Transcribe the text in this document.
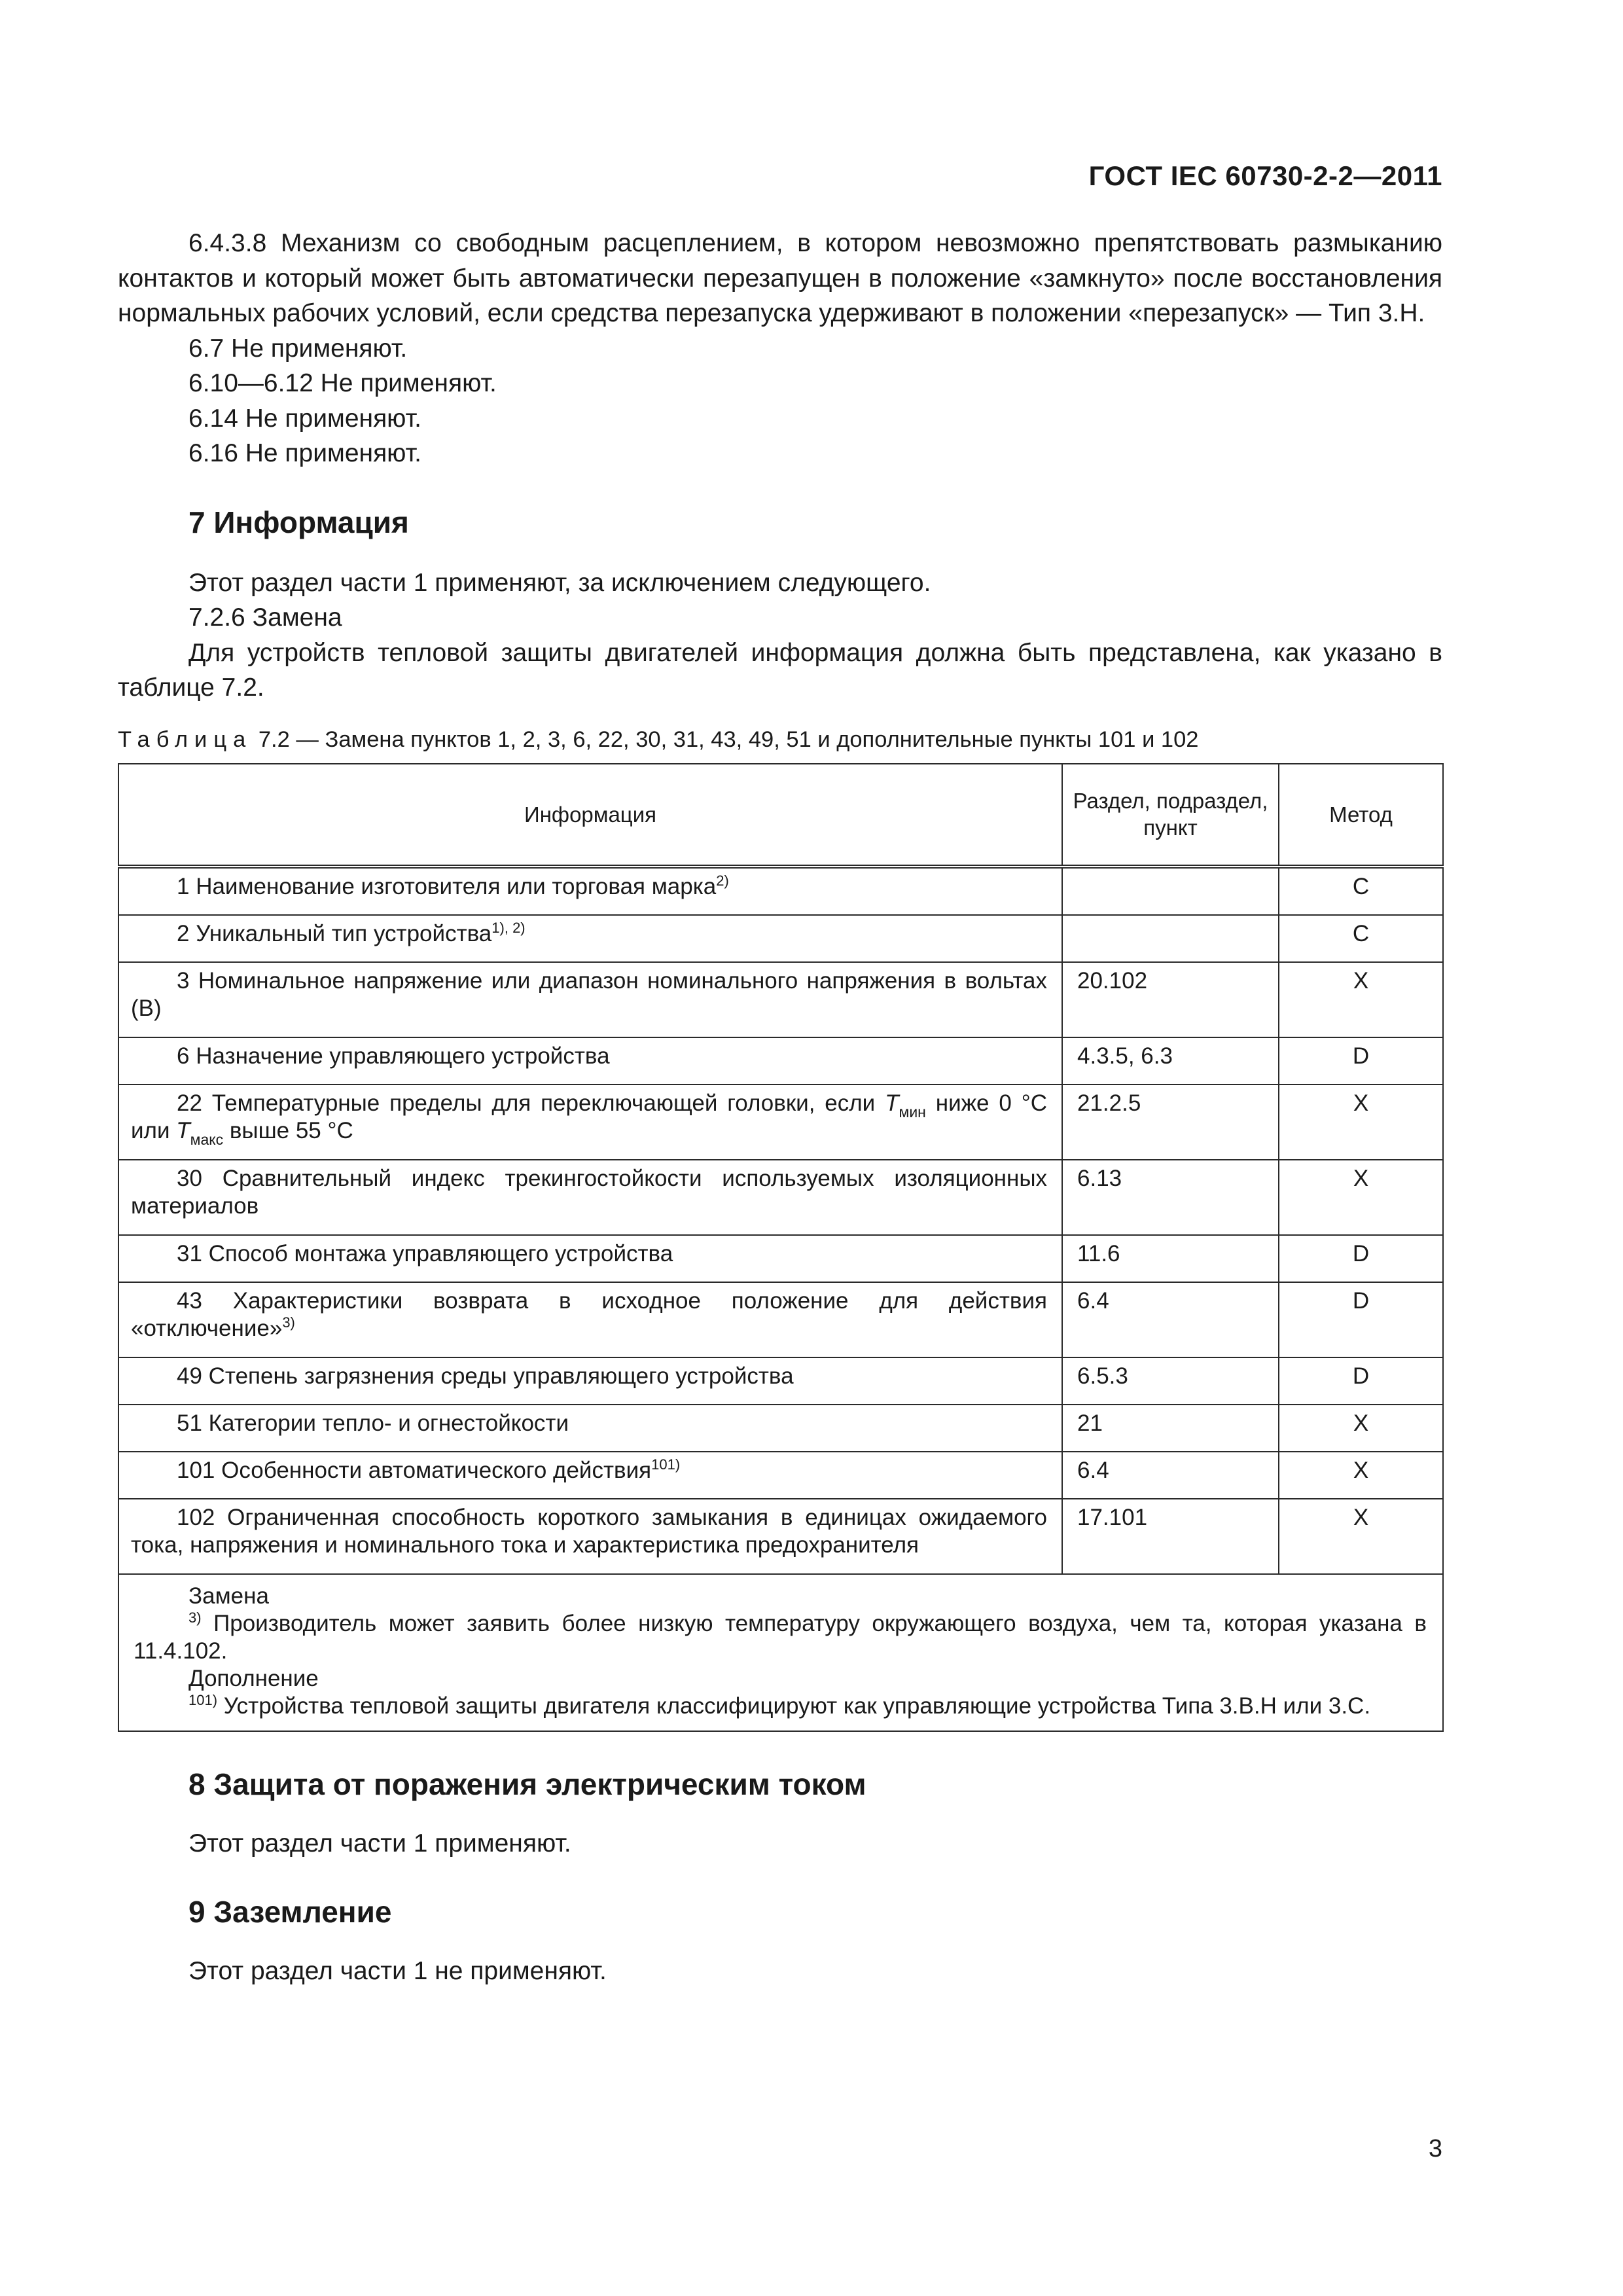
ГОСТ IEC 60730-2-2—2011

6.4.3.8 Механизм со свободным расцеплением, в котором невозможно препятствовать размыканию контактов и который может быть автоматически перезапущен в положение «замкнуто» после восстановления нормальных рабочих условий, если средства перезапуска удерживают в положении «перезапуск» — Тип 3.Н.

6.7 Не применяют.

6.10—6.12 Не применяют.

6.14 Не применяют.

6.16 Не применяют.

7 Информация

Этот раздел части 1 применяют, за исключением следующего.

7.2.6 Замена

Для устройств тепловой защиты двигателей информация должна быть представлена, как указано в таблице 7.2.

Таблица 7.2 — Замена пунктов 1, 2, 3, 6, 22, 30, 31, 43, 49, 51 и дополнительные пункты 101 и 102

Информация	Раздел, подраздел, пункт	Метод
1 Наименование изготовителя или торговая марка$^{2)}$		C
2 Уникальный тип устройства$^{1), 2)}$		C
3 Номинальное напряжение или диапазон номинального напряжения в вольтах (В)	20.102	X
6 Назначение управляющего устройства	4.3.5, 6.3	D
22 Температурные пределы для переключающей головки, если $T_{мин}$ ниже 0 °C или $T_{макс}$ выше 55 °C	21.2.5	X
30 Сравнительный индекс трекингостойкости используемых изоляционных материалов	6.13	X
31 Способ монтажа управляющего устройства	11.6	D
43 Характеристики возврата в исходное положение для действия «отключение»$^{3)}$	6.4	D
49 Степень загрязнения среды управляющего устройства	6.5.3	D
51 Категории тепло- и огнестойкости	21	X
101 Особенности автоматического действия$^{101)}$	6.4	X
102 Ограниченная способность короткого замыкания в единицах ожидаемого тока, напряжения и номинального тока и характеристика предохранителя	17.101	X

Замена

$^{3)}$ Производитель может заявить более низкую температуру окружающего воздуха, чем та, которая указана в 11.4.102.

Дополнение

$^{101)}$ Устройства тепловой защиты двигателя классифицируют как управляющие устройства Типа 3.В.Н или 3.С.		

8 Защита от поражения электрическим током

Этот раздел части 1 применяют.

9 Заземление

Этот раздел части 1 не применяют.

3
